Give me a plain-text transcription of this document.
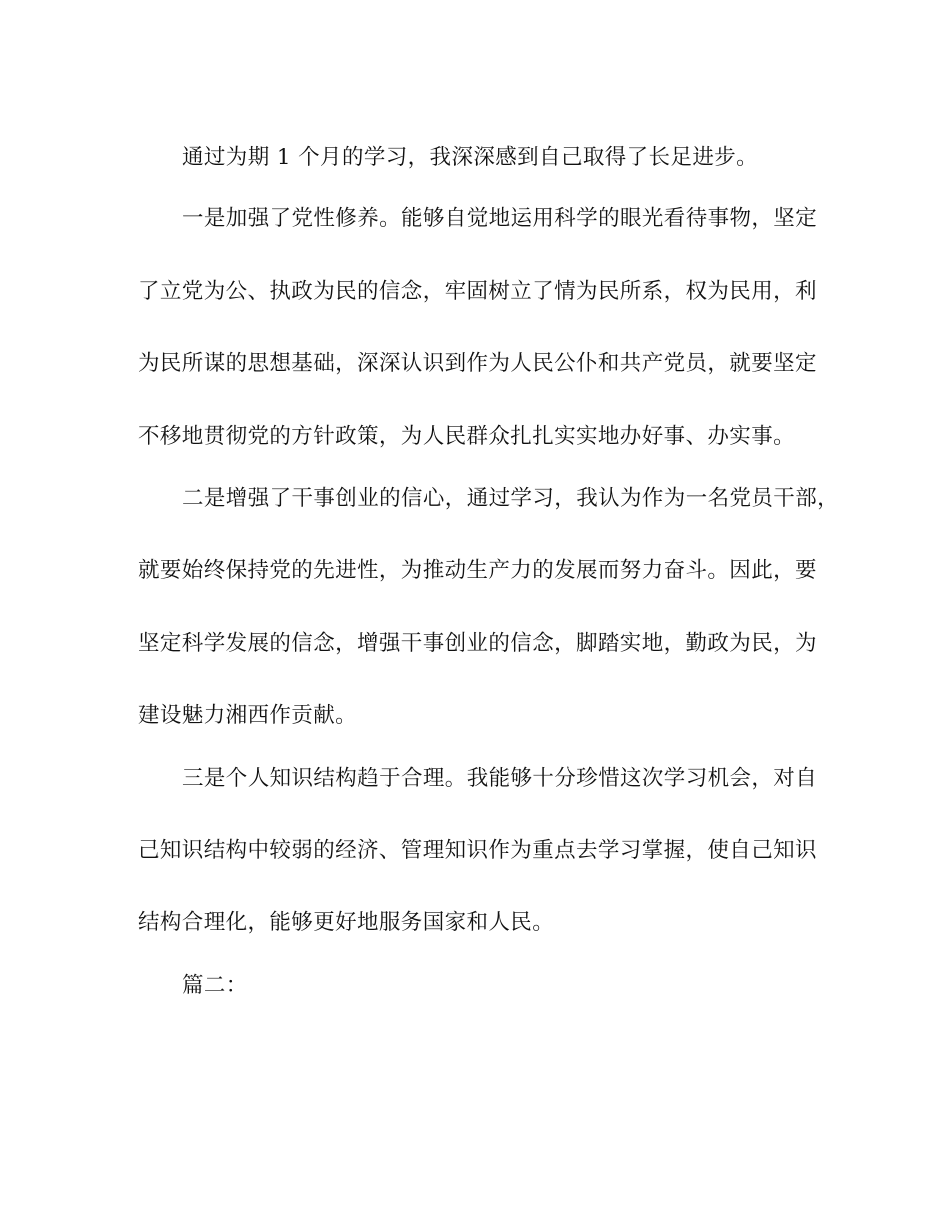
通过为期 1 个月的学习，我深深感到自己取得了长足进步。
一是加强了党性修养。能够自觉地运用科学的眼光看待事物，坚定
了立党为公、执政为民的信念，牢固树立了情为民所系，权为民用，利
为民所谋的思想基础，深深认识到作为人民公仆和共产党员，就要坚定
不移地贯彻党的方针政策，为人民群众扎扎实实地办好事、办实事。
二是增强了干事创业的信心，通过学习，我认为作为一名党员干部，
就要始终保持党的先进性，为推动生产力的发展而努力奋斗。因此，要
坚定科学发展的信念，增强干事创业的信念，脚踏实地，勤政为民，为
建设魅力湘西作贡献。
三是个人知识结构趋于合理。我能够十分珍惜这次学习机会，对自
己知识结构中较弱的经济、管理知识作为重点去学习掌握，使自己知识
结构合理化，能够更好地服务国家和人民。
篇二：
